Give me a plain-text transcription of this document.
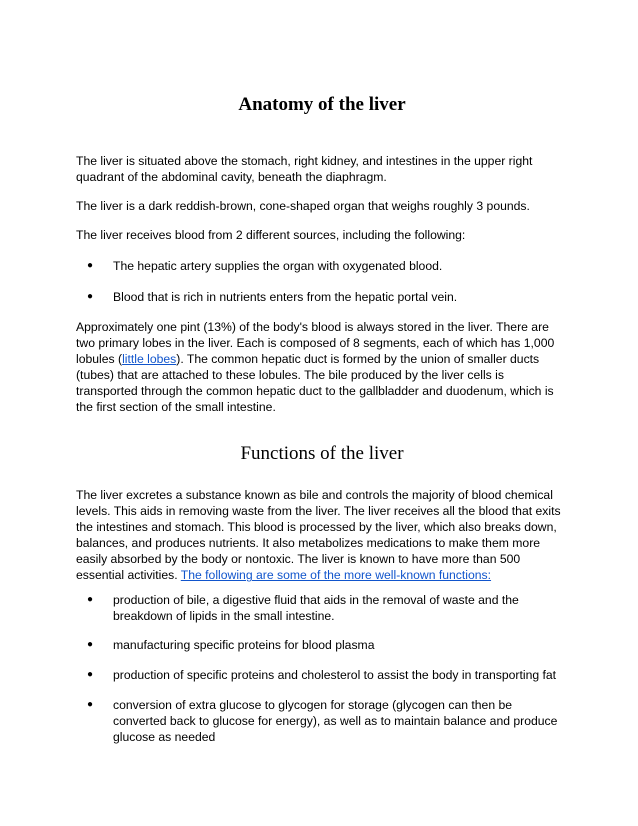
Anatomy of the liver

The liver is situated above the stomach, right kidney, and intestines in the upper right quadrant of the abdominal cavity, beneath the diaphragm.

The liver is a dark reddish-brown, cone-shaped organ that weighs roughly 3 pounds.

The liver receives blood from 2 different sources, including the following:

● The hepatic artery supplies the organ with oxygenated blood.
● Blood that is rich in nutrients enters from the hepatic portal vein.

Approximately one pint (13%) of the body's blood is always stored in the liver. There are two primary lobes in the liver. Each is composed of 8 segments, each of which has 1,000 lobules (little lobes). The common hepatic duct is formed by the union of smaller ducts (tubes) that are attached to these lobules. The bile produced by the liver cells is transported through the common hepatic duct to the gallbladder and duodenum, which is the first section of the small intestine.

Functions of the liver

The liver excretes a substance known as bile and controls the majority of blood chemical levels. This aids in removing waste from the liver. The liver receives all the blood that exits the intestines and stomach. This blood is processed by the liver, which also breaks down, balances, and produces nutrients. It also metabolizes medications to make them more easily absorbed by the body or nontoxic. The liver is known to have more than 500 essential activities. The following are some of the more well-known functions:

● production of bile, a digestive fluid that aids in the removal of waste and the breakdown of lipids in the small intestine.
● manufacturing specific proteins for blood plasma
● production of specific proteins and cholesterol to assist the body in transporting fat
● conversion of extra glucose to glycogen for storage (glycogen can then be converted back to glucose for energy), as well as to maintain balance and produce glucose as needed
